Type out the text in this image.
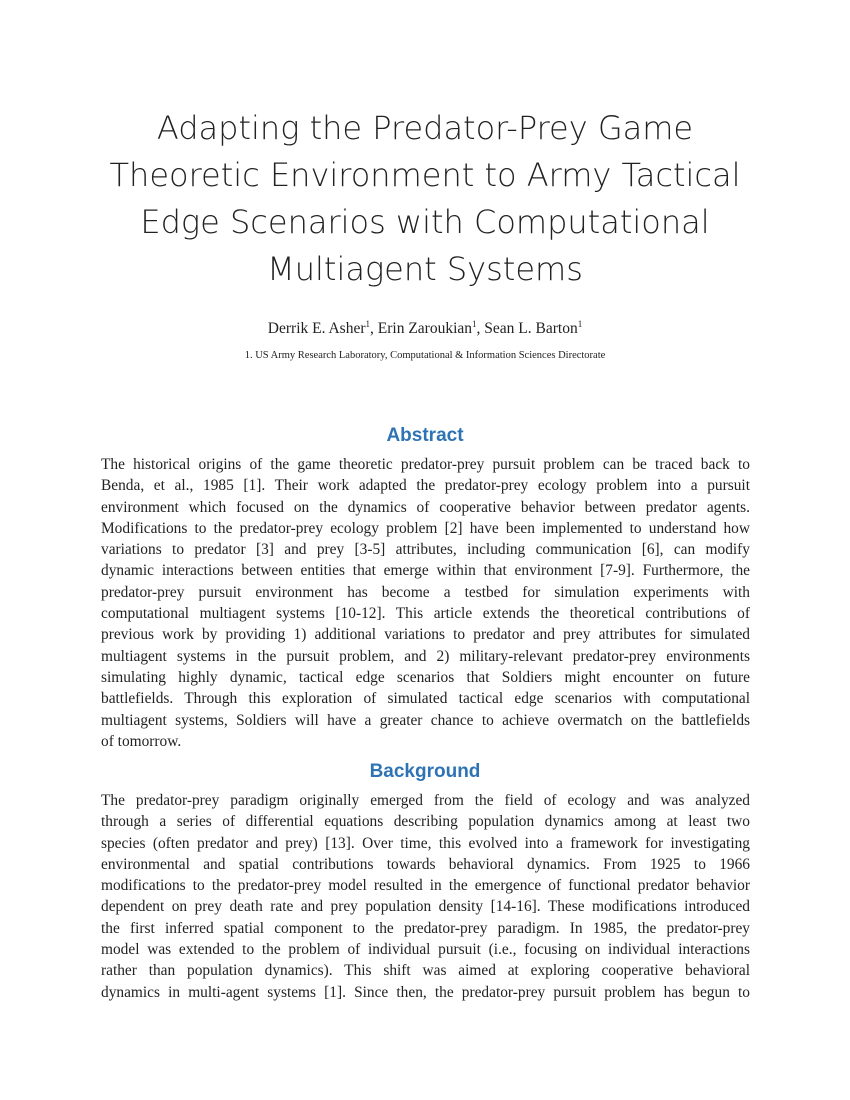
Adapting the Predator-Prey Game
Theoretic Environment to Army Tactical
Edge Scenarios with Computational
Multiagent Systems
Derrik E. Asher$^1$, Erin Zaroukian$^1$, Sean L. Barton$^1$
1. US Army Research Laboratory, Computational & Information Sciences Directorate
Abstract

The historical origins of the game theoretic predator-prey pursuit problem can be traced back to
Benda, et al., 1985 [1]. Their work adapted the predator-prey ecology problem into a pursuit
environment which focused on the dynamics of cooperative behavior between predator agents.
Modifications to the predator-prey ecology problem [2] have been implemented to understand how
variations to predator [3] and prey [3-5] attributes, including communication [6], can modify
dynamic interactions between entities that emerge within that environment [7-9]. Furthermore, the
predator-prey pursuit environment has become a testbed for simulation experiments with
computational multiagent systems [10-12]. This article extends the theoretical contributions of
previous work by providing 1) additional variations to predator and prey attributes for simulated
multiagent systems in the pursuit problem, and 2) military-relevant predator-prey environments
simulating highly dynamic, tactical edge scenarios that Soldiers might encounter on future
battlefields. Through this exploration of simulated tactical edge scenarios with computational
multiagent systems, Soldiers will have a greater chance to achieve overmatch on the battlefields
of tomorrow.

Background

The predator-prey paradigm originally emerged from the field of ecology and was analyzed
through a series of differential equations describing population dynamics among at least two
species (often predator and prey) [13]. Over time, this evolved into a framework for investigating
environmental and spatial contributions towards behavioral dynamics. From 1925 to 1966
modifications to the predator-prey model resulted in the emergence of functional predator behavior
dependent on prey death rate and prey population density [14-16]. These modifications introduced
the first inferred spatial component to the predator-prey paradigm. In 1985, the predator-prey
model was extended to the problem of individual pursuit (i.e., focusing on individual interactions
rather than population dynamics). This shift was aimed at exploring cooperative behavioral
dynamics in multi-agent systems [1]. Since then, the predator-prey pursuit problem has begun to
